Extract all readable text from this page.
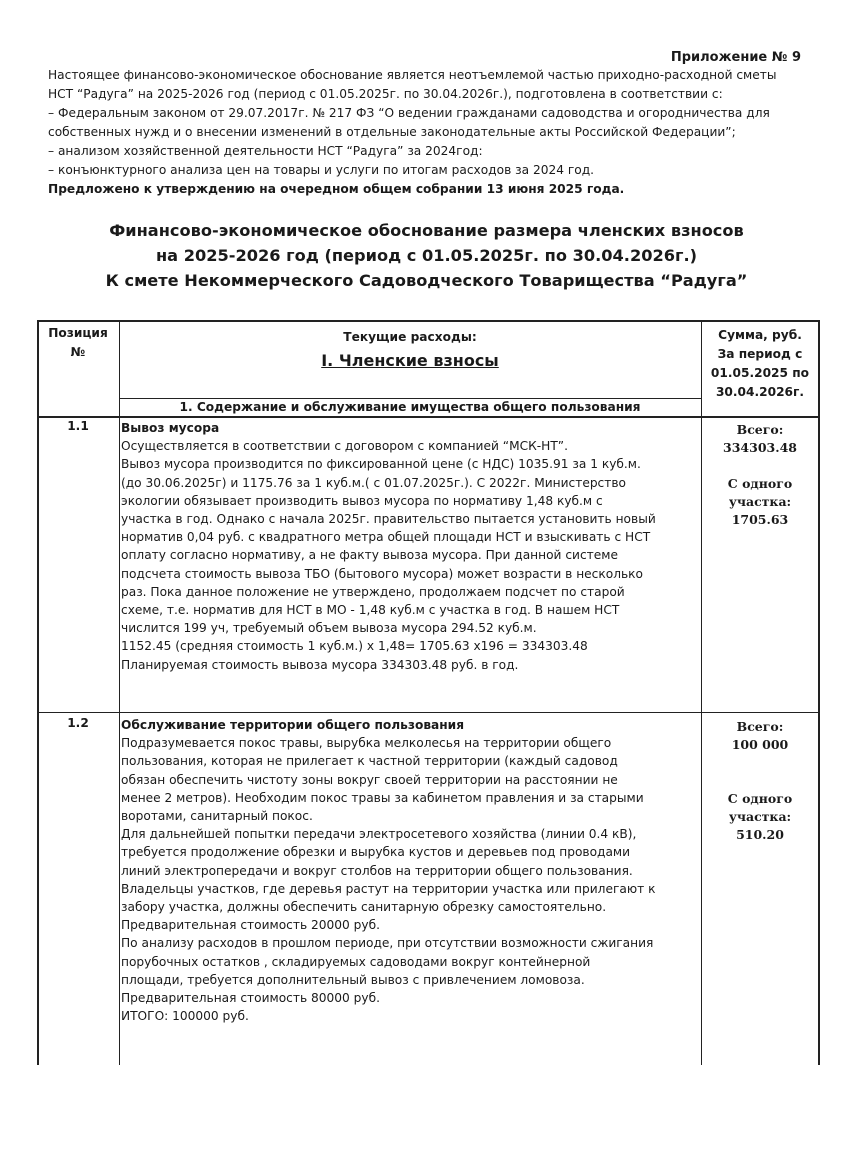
Приложение № 9
Настоящее финансово-экономическое обоснование является неотъемлемой частью приходно-расходной сметы
НСТ “Радуга” на 2025-2026 год (период с 01.05.2025г. по 30.04.2026г.), подготовлена в соответствии с:
– Федеральным законом от 29.07.2017г. № 217 ФЗ “О ведении гражданами садоводства и огородничества для
собственных нужд и о внесении изменений в отдельные законодательные акты Российской Федерации”;
– анализом хозяйственной деятельности НСТ “Радуга” за 2024год:
– конъюнктурного анализа цен на товары и услуги по итогам расходов за 2024 год.
Предложено к утверждению на очередном общем собрании 13 июня 2025 года.
Финансово-экономическое обоснование размера членских взносов
на 2025-2026 год (период с 01.05.2025г. по 30.04.2026г.)
К смете Некоммерческого Садоводческого Товарищества “Радуга”
Позиция
№
Текущие расходы:
I. Членские взносы
Сумма, руб.
За период с
01.05.2025 по
30.04.2026г.
1. Содержание и обслуживание имущества общего пользования
1.1	Вывоз мусора
Осуществляется в соответствии с договором с компанией “МСК-НТ”.
Вывоз мусора производится по фиксированной цене (с НДС) 1035.91 за 1 куб.м.
(до 30.06.2025г) и 1175.76 за 1 куб.м.( с 01.07.2025г.). С 2022г. Министерство
экологии обязывает производить вывоз мусора по нормативу 1,48 куб.м с
участка в год. Однако с начала 2025г. правительство пытается установить новый
норматив 0,04 руб. с квадратного метра общей площади НСТ и взыскивать с НСТ
оплату согласно нормативу, а не факту вывоза мусора. При данной системе
подсчета стоимость вывоза ТБО (бытового мусора) может возрасти в несколько
раз. Пока данное положение не утверждено, продолжаем подсчет по старой
схеме, т.е. норматив для НСТ в МО - 1,48 куб.м с участка в год. В нашем НСТ
числится 199 уч, требуемый объем вывоза мусора 294.52 куб.м.
1152.45 (средняя стоимость 1 куб.м.) х 1,48= 1705.63 х196 = 334303.48
Планируемая стоимость вывоза мусора 334303.48 руб. в год.
Всего:
334303.48
С одного
участка:
1705.63
1.2	Обслуживание территории общего пользования
Подразумевается покос травы, вырубка мелколесья на территории общего
пользования, которая не прилегает к частной территории (каждый садовод
обязан обеспечить чистоту зоны вокруг своей территории на расстоянии не
менее 2 метров). Необходим покос травы за кабинетом правления и за старыми
воротами, санитарный покос.
Для дальнейшей попытки передачи электросетевого хозяйства (линии 0.4 кВ),
требуется продолжение обрезки и вырубка кустов и деревьев под проводами
линий электропередачи и вокруг столбов на территории общего пользования.
Владельцы участков, где деревья растут на территории участка или прилегают к
забору участка, должны обеспечить санитарную обрезку самостоятельно.
Предварительная стоимость 20000 руб.
По анализу расходов в прошлом периоде, при отсутствии возможности сжигания
порубочных остатков , складируемых садоводами вокруг контейнерной
площади, требуется дополнительный вывоз с привлечением ломовоза.
Предварительная стоимость 80000 руб.
ИТОГО: 100000 руб.
Всего:
100 000
С одного
участка:
510.20
